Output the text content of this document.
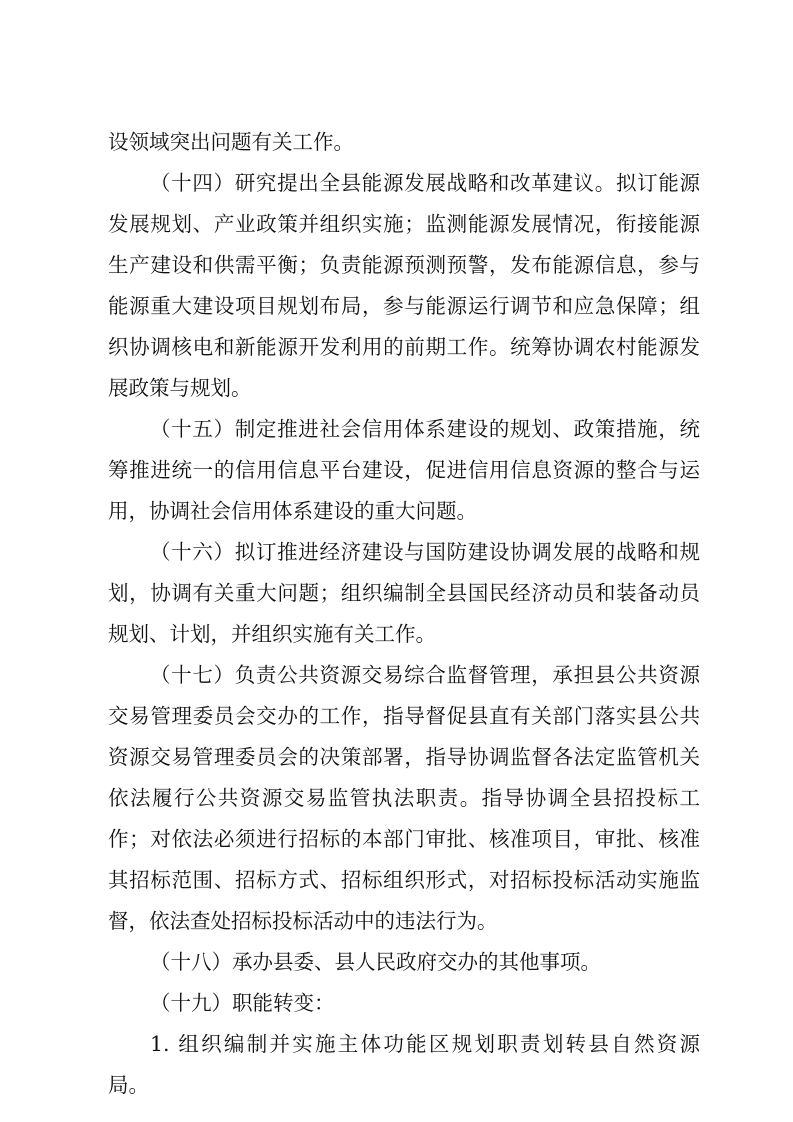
设领域突出问题有关工作。
（十四）研究提出全县能源发展战略和改革建议。拟订能源
发展规划、产业政策并组织实施；监测能源发展情况，衔接能源
生产建设和供需平衡；负责能源预测预警，发布能源信息，参与
能源重大建设项目规划布局，参与能源运行调节和应急保障；组
织协调核电和新能源开发利用的前期工作。统筹协调农村能源发
展政策与规划。
（十五）制定推进社会信用体系建设的规划、政策措施，统
筹推进统一的信用信息平台建设，促进信用信息资源的整合与运
用，协调社会信用体系建设的重大问题。
（十六）拟订推进经济建设与国防建设协调发展的战略和规
划，协调有关重大问题；组织编制全县国民经济动员和装备动员
规划、计划，并组织实施有关工作。
（十七）负责公共资源交易综合监督管理，承担县公共资源
交易管理委员会交办的工作，指导督促县直有关部门落实县公共
资源交易管理委员会的决策部署，指导协调监督各法定监管机关
依法履行公共资源交易监管执法职责。指导协调全县招投标工
作；对依法必须进行招标的本部门审批、核准项目，审批、核准
其招标范围、招标方式、招标组织形式，对招标投标活动实施监
督，依法查处招标投标活动中的违法行为。
（十八）承办县委、县人民政府交办的其他事项。
（十九）职能转变：
1. 组织编制并实施主体功能区规划职责划转县自然资源
局。
